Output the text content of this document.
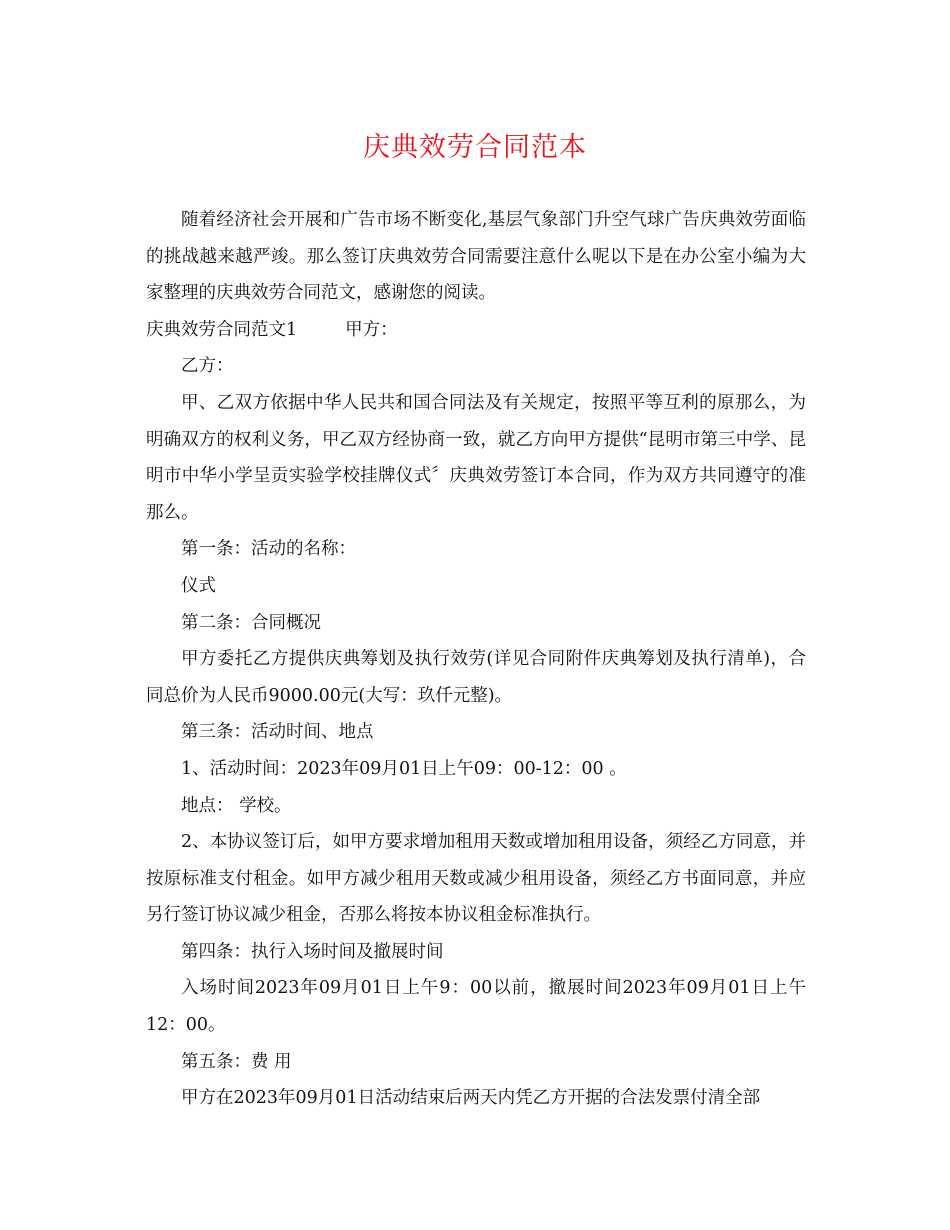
庆典效劳合同范本

随着经济社会开展和广告市场不断变化,基层气象部门升空气球广告庆典效劳面临的挑战越来越严竣。那么签订庆典效劳合同需要注意什么呢以下是在办公室小编为大家整理的庆典效劳合同范文，感谢您的阅读。

庆典效劳合同范文1	甲方：

乙方：

甲、乙双方依据中华人民共和国合同法及有关规定，按照平等互利的原那么，为明确双方的权利义务，甲乙双方经协商一致，就乙方向甲方提供“昆明市第三中学、昆明市中华小学呈贡实验学校挂牌仪式〞庆典效劳签订本合同，作为双方共同遵守的准那么。

第一条：活动的名称：

仪式

第二条：合同概况

甲方委托乙方提供庆典筹划及执行效劳(详见合同附件庆典筹划及执行清单)，合同总价为人民币9000.00元(大写：玖仟元整)。

第三条：活动时间、地点

1、活动时间：2023年09月01日上午09：00-12：00 。

地点： 学校。

2、本协议签订后，如甲方要求增加租用天数或增加租用设备，须经乙方同意，并按原标准支付租金。如甲方减少租用天数或减少租用设备，须经乙方书面同意，并应另行签订协议减少租金，否那么将按本协议租金标准执行。

第四条：执行入场时间及撤展时间

入场时间2023年09月01日上午9：00以前，撤展时间2023年09月01日上午12：00。

第五条：费 用

甲方在2023年09月01日活动结束后两天内凭乙方开据的合法发票付清全部
